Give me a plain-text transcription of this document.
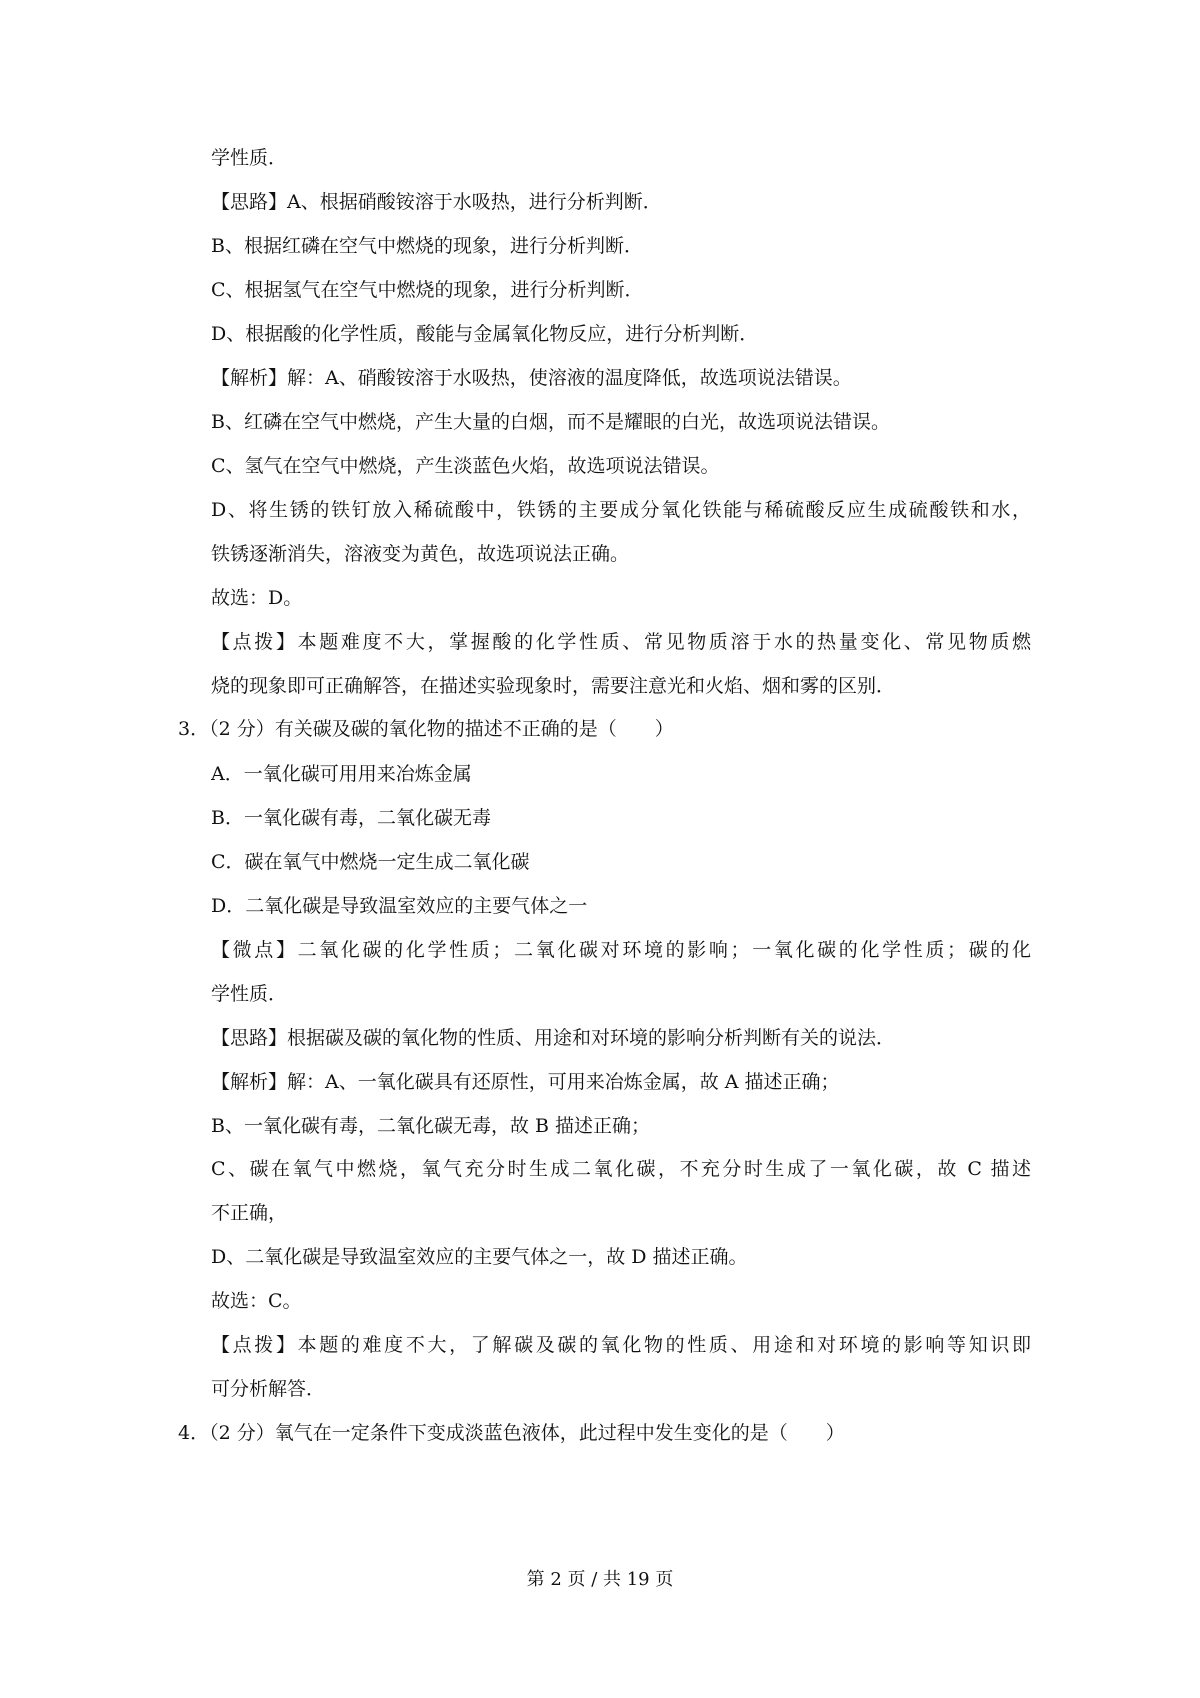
学性质．
【思路】A、根据硝酸铵溶于水吸热，进行分析判断．
B、根据红磷在空气中燃烧的现象，进行分析判断．
C、根据氢气在空气中燃烧的现象，进行分析判断．
D、根据酸的化学性质，酸能与金属氧化物反应，进行分析判断．
【解析】解：A、硝酸铵溶于水吸热，使溶液的温度降低，故选项说法错误。
B、红磷在空气中燃烧，产生大量的白烟，而不是耀眼的白光，故选项说法错误。
C、氢气在空气中燃烧，产生淡蓝色火焰，故选项说法错误。
D、将生锈的铁钉放入稀硫酸中，铁锈的主要成分氧化铁能与稀硫酸反应生成硫酸铁和水，
铁锈逐渐消失，溶液变为黄色，故选项说法正确。
故选：D。
【点拨】本题难度不大，掌握酸的化学性质、常见物质溶于水的热量变化、常见物质燃
烧的现象即可正确解答，在描述实验现象时，需要注意光和火焰、烟和雾的区别．
3．（2 分）有关碳及碳的氧化物的描述不正确的是（　　）
A．一氧化碳可用用来冶炼金属
B．一氧化碳有毒，二氧化碳无毒
C．碳在氧气中燃烧一定生成二氧化碳
D．二氧化碳是导致温室效应的主要气体之一
【微点】二氧化碳的化学性质；二氧化碳对环境的影响；一氧化碳的化学性质；碳的化
学性质．
【思路】根据碳及碳的氧化物的性质、用途和对环境的影响分析判断有关的说法．
【解析】解：A、一氧化碳具有还原性，可用来冶炼金属，故 A 描述正确；
B、一氧化碳有毒，二氧化碳无毒，故 B 描述正确；
C、碳在氧气中燃烧，氧气充分时生成二氧化碳，不充分时生成了一氧化碳，故 C 描述
不正确，
D、二氧化碳是导致温室效应的主要气体之一，故 D 描述正确。
故选：C。
【点拨】本题的难度不大，了解碳及碳的氧化物的性质、用途和对环境的影响等知识即
可分析解答．
4．（2 分）氧气在一定条件下变成淡蓝色液体，此过程中发生变化的是（　　）
第 2 页 / 共 19 页
